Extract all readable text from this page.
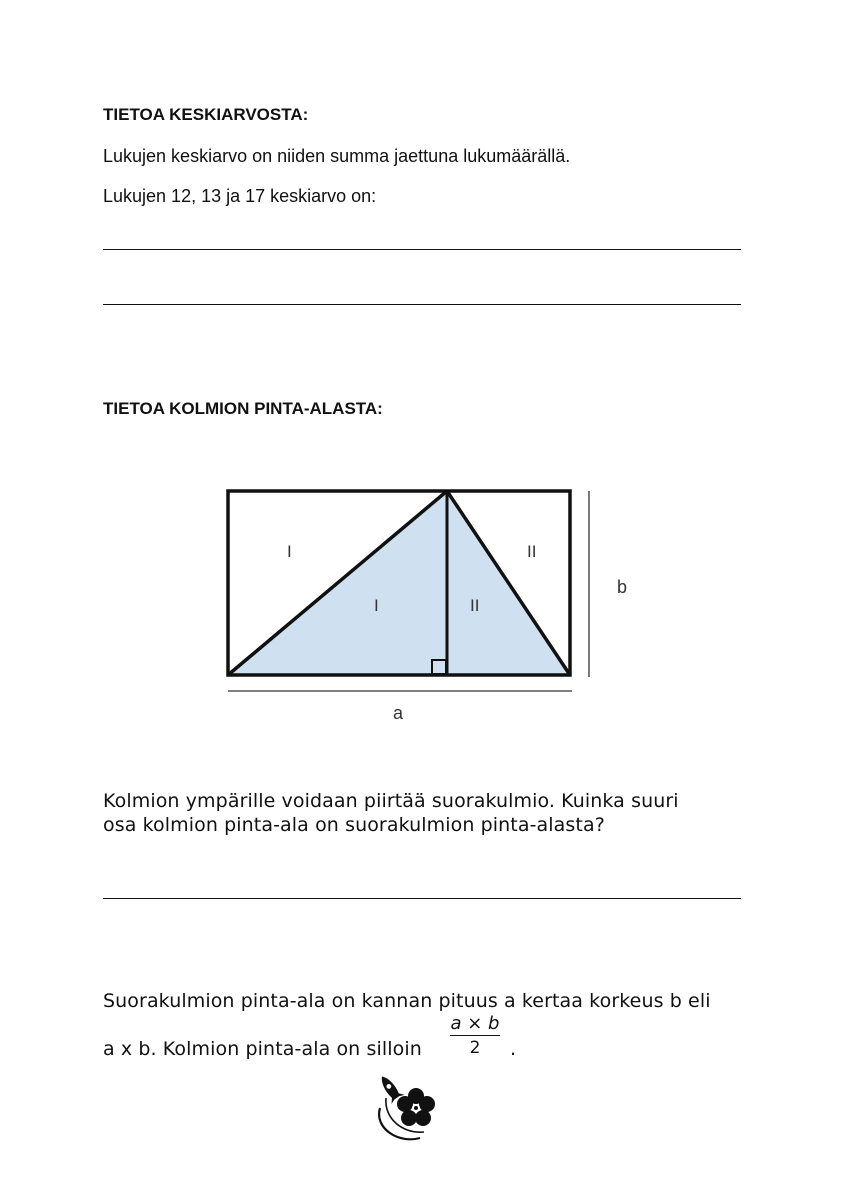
TIETOA KESKIARVOSTA:
Lukujen keskiarvo on niiden summa jaettuna lukumäärällä.
Lukujen 12, 13 ja 17 keskiarvo on:
TIETOA KOLMION PINTA-ALASTA:
I
I	II
II
b
a
Kolmion ympärille voidaan piirtää suorakulmio. Kuinka suuri
osa kolmion pinta-ala on suorakulmion pinta-alasta?
Suorakulmion pinta-ala on kannan pituus a kertaa korkeus b eli
a x b. Kolmion pinta-ala on silloin
a × b
2	.
